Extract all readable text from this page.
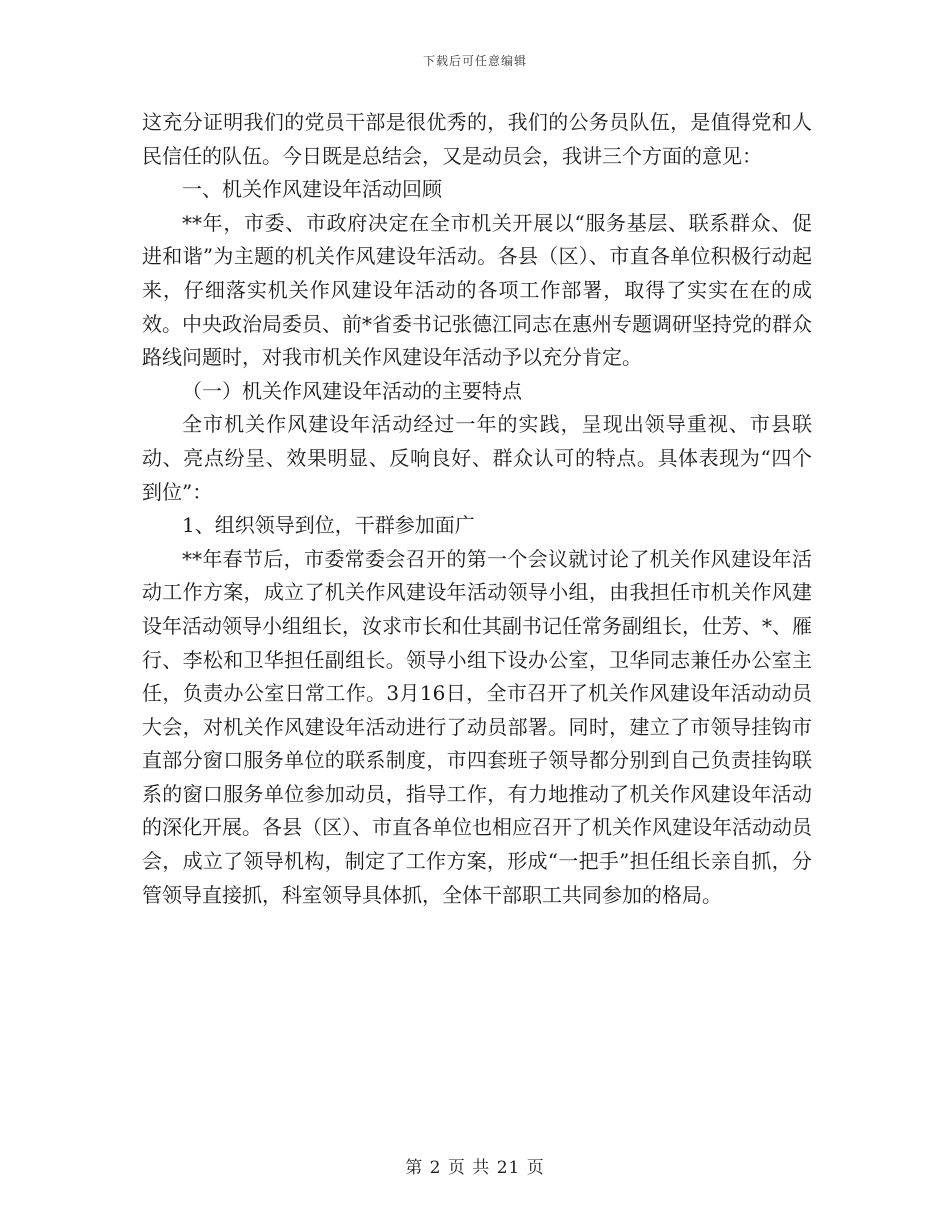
下载后可任意编辑

这充分证明我们的党员干部是很优秀的，我们的公务员队伍，是值得党和人民信任的队伍。今日既是总结会，又是动员会，我讲三个方面的意见：

一、机关作风建设年活动回顾

**年，市委、市政府决定在全市机关开展以“服务基层、联系群众、促进和谐”为主题的机关作风建设年活动。各县（区）、市直各单位积极行动起来，仔细落实机关作风建设年活动的各项工作部署，取得了实实在在的成效。中央政治局委员、前*省委书记张德江同志在惠州专题调研坚持党的群众路线问题时，对我市机关作风建设年活动予以充分肯定。

（一）机关作风建设年活动的主要特点

全市机关作风建设年活动经过一年的实践，呈现出领导重视、市县联动、亮点纷呈、效果明显、反响良好、群众认可的特点。具体表现为“四个到位”：

1、组织领导到位，干群参加面广

**年春节后，市委常委会召开的第一个会议就讨论了机关作风建设年活动工作方案，成立了机关作风建设年活动领导小组，由我担任市机关作风建设年活动领导小组组长，汝求市长和仕其副书记任常务副组长，仕芳、*、雁行、李松和卫华担任副组长。领导小组下设办公室，卫华同志兼任办公室主任，负责办公室日常工作。3月16日，全市召开了机关作风建设年活动动员大会，对机关作风建设年活动进行了动员部署。同时，建立了市领导挂钩市直部分窗口服务单位的联系制度，市四套班子领导都分别到自己负责挂钩联系的窗口服务单位参加动员，指导工作，有力地推动了机关作风建设年活动的深化开展。各县（区）、市直各单位也相应召开了机关作风建设年活动动员会，成立了领导机构，制定了工作方案，形成“一把手”担任组长亲自抓，分管领导直接抓，科室领导具体抓，全体干部职工共同参加的格局。

第 2 页 共 21 页
